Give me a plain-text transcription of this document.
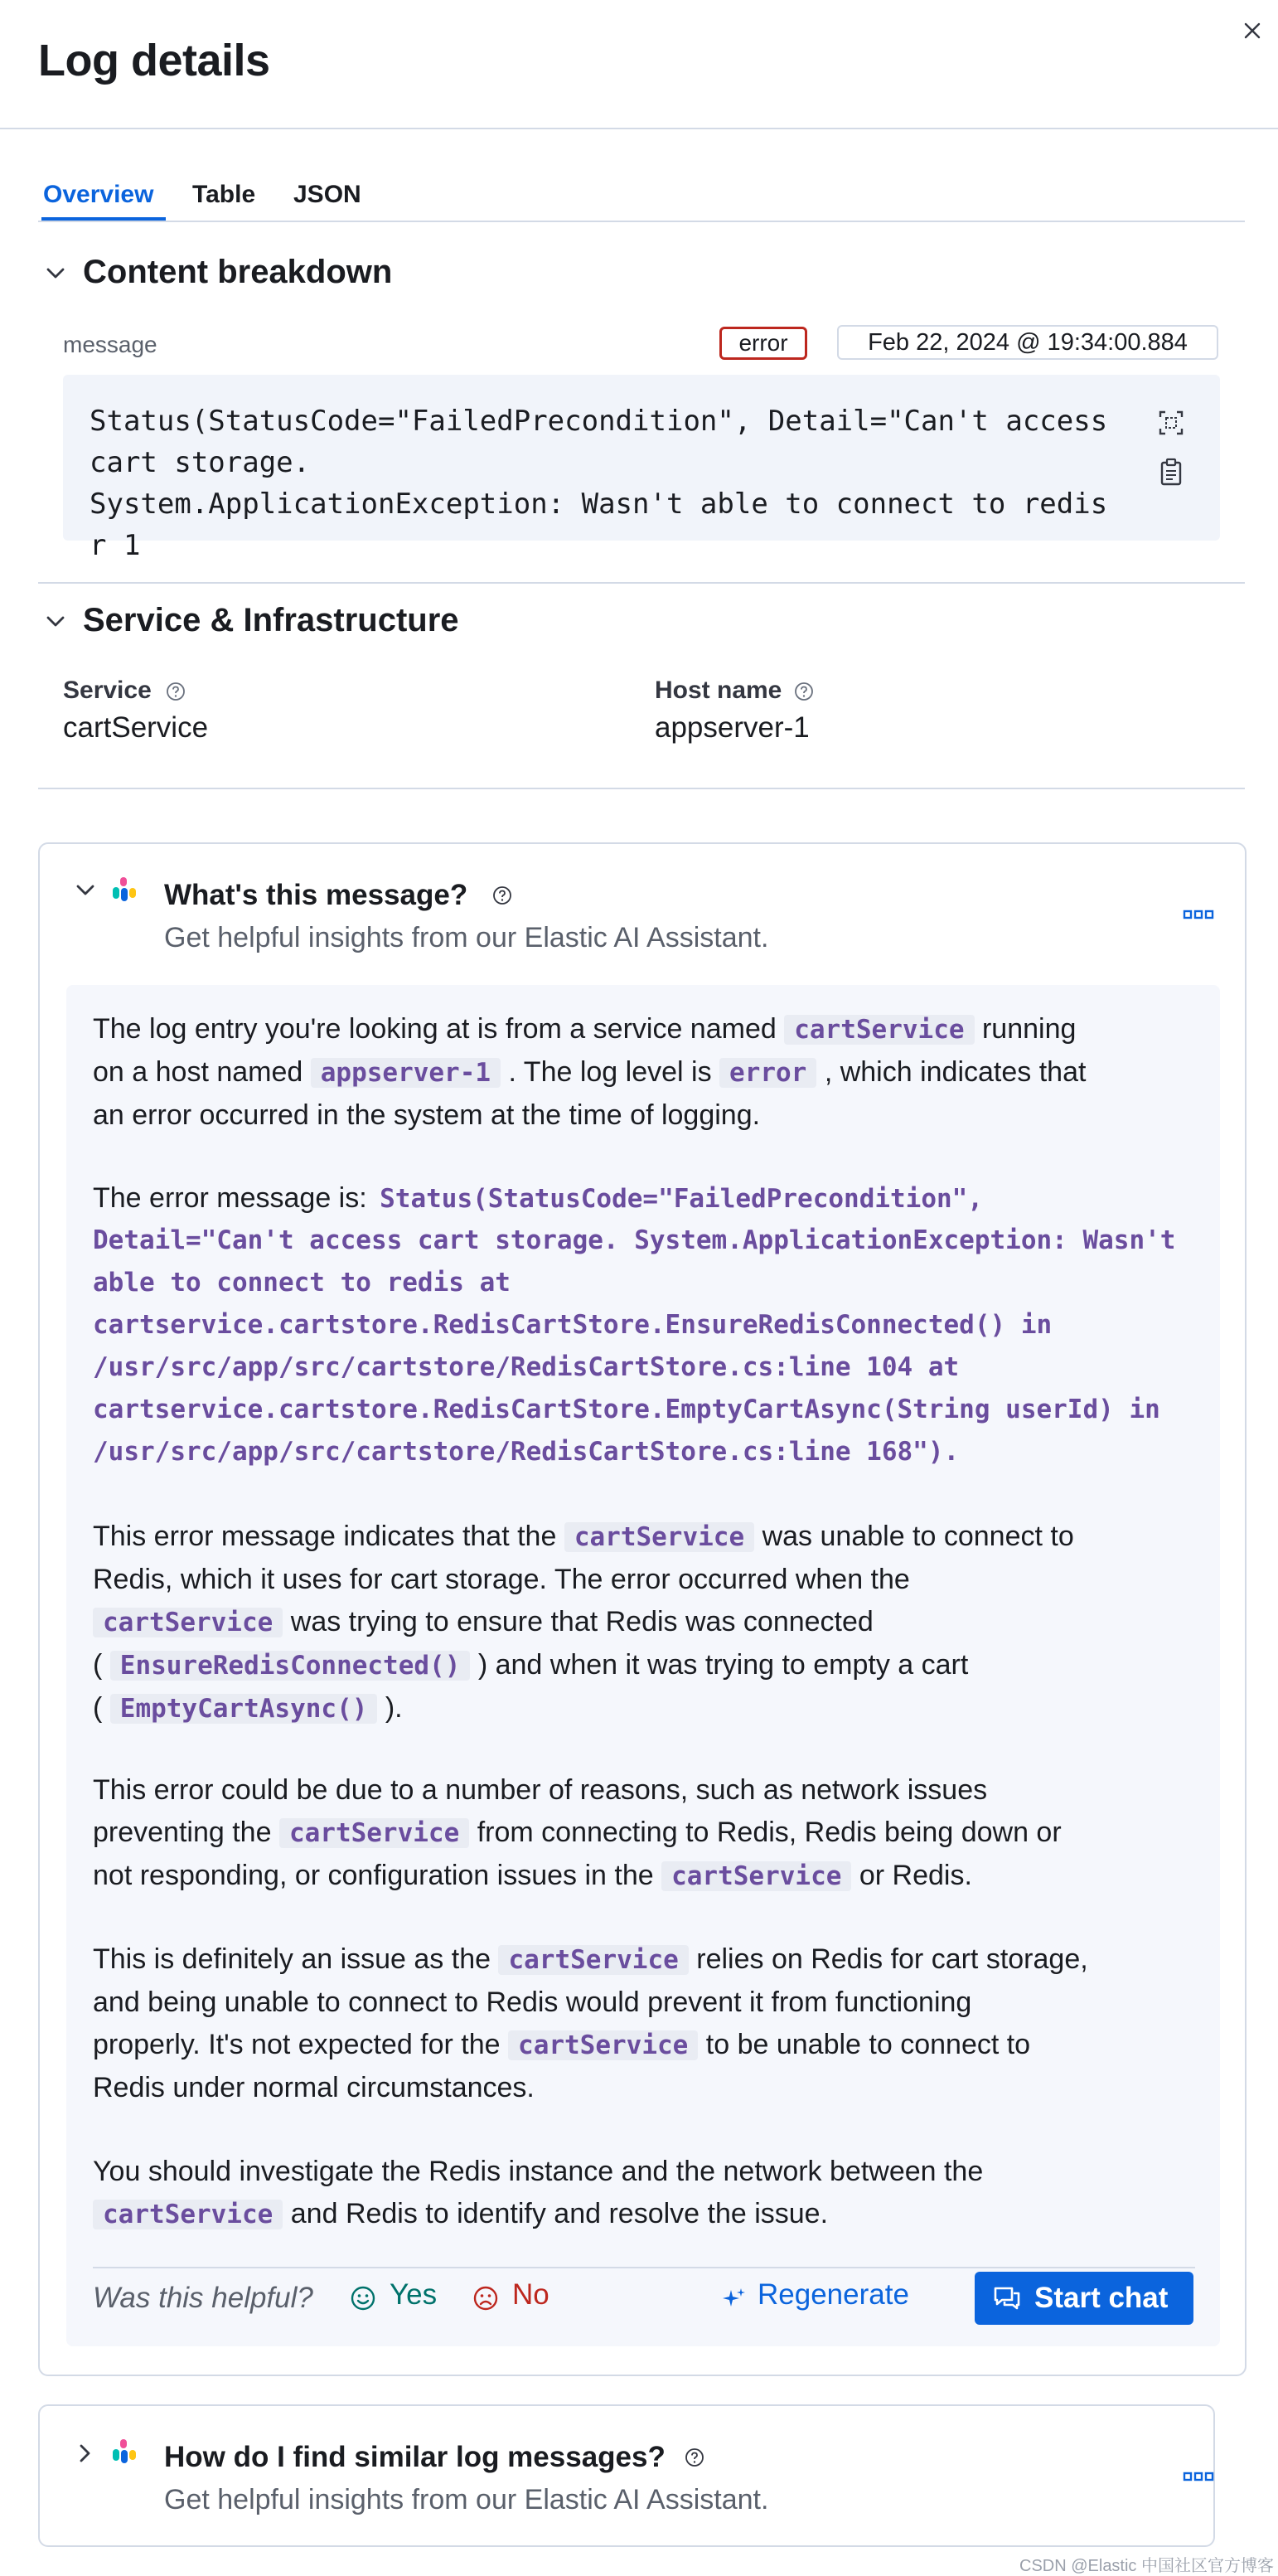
Log details
Overview Table JSON
Content breakdown
message	error	Feb 22, 2024 @ 19:34:00.884
Status(StatusCode="FailedPrecondition", Detail="Can't access
cart storage.
System.ApplicationException: Wasn't able to connect to redis
r 1
Service & Infrastructure
Service
cartService
Host name
appserver-1
What's this message?
Get helpful insights from our Elastic AI Assistant.

The log entry you're looking at is from a service named cartService running
on a host named appserver-1 . The log level is error , which indicates that
an error occurred in the system at the time of logging.

The error message is: Status(StatusCode="FailedPrecondition",

Detail="Can't access cart storage. System.ApplicationException: Wasn't
able to connect to redis at
cartservice.cartstore.RedisCartStore.EnsureRedisConnected() in
/usr/src/app/src/cartstore/RedisCartStore.cs:line 104 at
cartservice.cartstore.RedisCartStore.EmptyCartAsync(String userId) in
/usr/src/app/src/cartstore/RedisCartStore.cs:line 168").

This error message indicates that the cartService was unable to connect to
Redis, which it uses for cart storage. The error occurred when the
cartService was trying to ensure that Redis was connected
( EnsureRedisConnected() ) and when it was trying to empty a cart
( EmptyCartAsync() ).

This error could be due to a number of reasons, such as network issues
preventing the cartService from connecting to Redis, Redis being down or
not responding, or configuration issues in the cartService or Redis.

This is definitely an issue as the cartService relies on Redis for cart storage,
and being unable to connect to Redis would prevent it from functioning
properly. It's not expected for the cartService to be unable to connect to
Redis under normal circumstances.

You should investigate the Redis instance and the network between the
cartService and Redis to identify and resolve the issue.

Was this helpful?	Yes	No	Regenerate	Start chat
How do I find similar log messages?
Get helpful insights from our Elastic AI Assistant.
CSDN @Elastic 中国社区官方博客
